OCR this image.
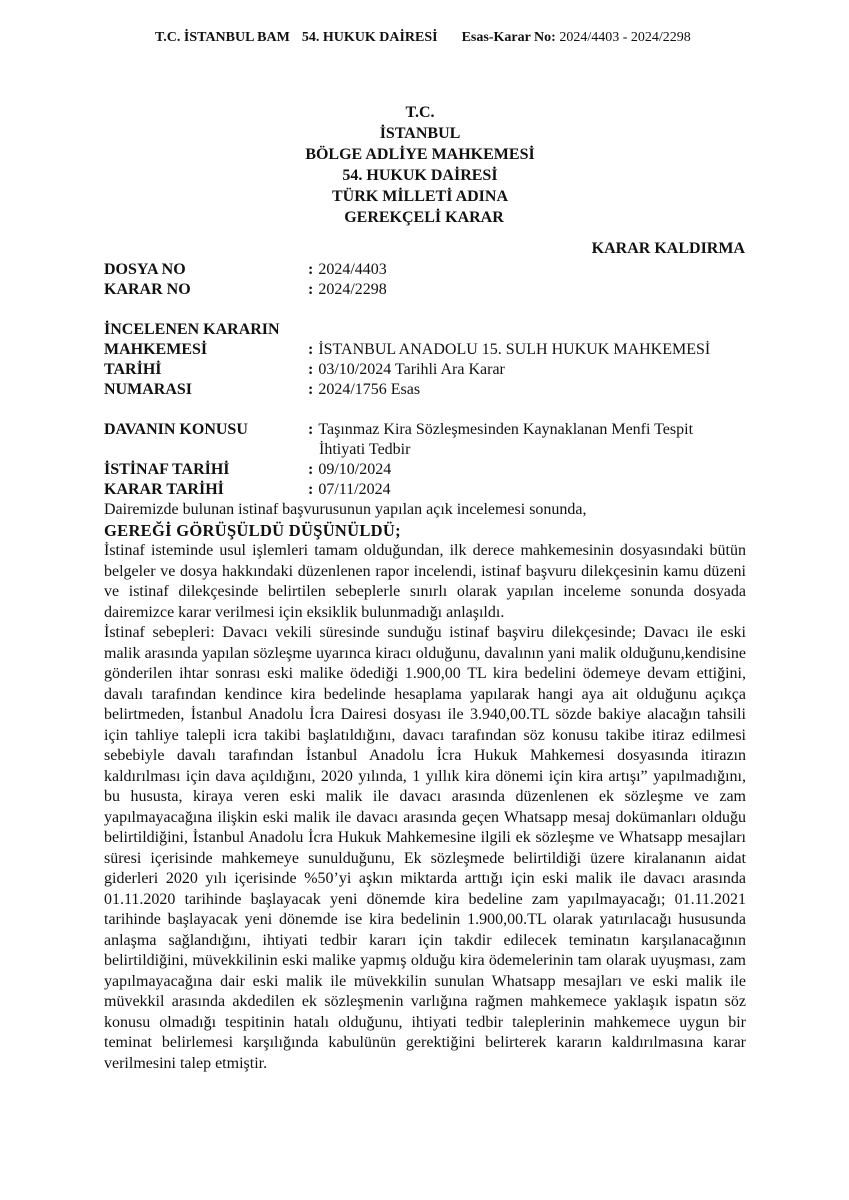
T.C. İSTANBUL BAM 54. HUKUK DAİRESİ Esas-Karar No: 2024/4403 - 2024/2298
T.C.
İSTANBUL
BÖLGE ADLİYE MAHKEMESİ
54. HUKUK DAİRESİ
TÜRK MİLLETİ ADINA
GEREKÇELİ KARAR
KARAR KALDIRMA
DOSYA NO	: 2024/4403
KARAR NO	: 2024/2298
İNCELENEN KARARIN
MAHKEMESİ	: İSTANBUL ANADOLU 15. SULH HUKUK MAHKEMESİ
TARİHİ	: 03/10/2024 Tarihli Ara Karar
NUMARASI	: 2024/1756 Esas
DAVANIN KONUSU	: Taşınmaz Kira Sözleşmesinden Kaynaklanan Menfi Tespit
İhtiyati Tedbir
İSTİNAF TARİHİ	: 09/10/2024
KARAR TARİHİ	: 07/11/2024

Dairemizde bulunan istinaf başvurusunun yapılan açık incelemesi sonunda,

GEREĞİ GÖRÜŞÜLDÜ DÜŞÜNÜLDÜ;

İstinaf isteminde usul işlemleri tamam olduğundan, ilk derece mahkemesinin dosyasındaki bütün belgeler ve dosya hakkındaki düzenlenen rapor incelendi, istinaf başvuru dilekçesinin kamu düzeni ve istinaf dilekçesinde belirtilen sebeplerle sınırlı olarak yapılan inceleme sonunda dosyada dairemizce karar verilmesi için eksiklik bulunmadığı anlaşıldı.

İstinaf sebepleri: Davacı vekili süresinde sunduğu istinaf başviru dilekçesinde; Davacı ile eski malik arasında yapılan sözleşme uyarınca kiracı olduğunu, davalının yani malik olduğunu,kendisine gönderilen ihtar sonrası eski malike ödediği 1.900,00 TL kira bedelini ödemeye devam ettiğini, davalı tarafından kendince kira bedelinde hesaplama yapılarak hangi aya ait olduğunu açıkça belirtmeden, İstanbul Anadolu İcra Dairesi dosyası ile 3.940,00.TL sözde bakiye alacağın tahsili için tahliye talepli icra takibi başlatıldığını, davacı tarafından söz konusu takibe itiraz edilmesi sebebiyle davalı tarafından İstanbul Anadolu İcra Hukuk Mahkemesi dosyasında itirazın kaldırılması için dava açıldığını, 2020 yılında, 1 yıllık kira dönemi için kira artışı” yapılmadığını, bu hususta, kiraya veren eski malik ile davacı arasında düzenlenen ek sözleşme ve zam yapılmayacağına ilişkin eski malik ile davacı arasında geçen Whatsapp mesaj dokümanları olduğu belirtildiğini, İstanbul Anadolu İcra Hukuk Mahkemesine ilgili ek sözleşme ve Whatsapp mesajları süresi içerisinde mahkemeye sunulduğunu, Ek sözleşmede belirtildiği üzere kiralananın aidat giderleri 2020 yılı içerisinde %50’yi aşkın miktarda arttığı için eski malik ile davacı arasında 01.11.2020 tarihinde başlayacak yeni dönemde kira bedeline zam yapılmayacağı; 01.11.2021 tarihinde başlayacak yeni dönemde ise kira bedelinin 1.900,00.TL olarak yatırılacağı hususunda anlaşma sağlandığını, ihtiyati tedbir kararı için takdir edilecek teminatın karşılanacağının belirtildiğini, müvekkilinin eski malike yapmış olduğu kira ödemelerinin tam olarak uyuşması, zam yapılmayacağına dair eski malik ile müvekkilin sunulan Whatsapp mesajları ve eski malik ile müvekkil arasında akdedilen ek sözleşmenin varlığına rağmen mahkemece yaklaşık ispatın söz konusu olmadığı tespitinin hatalı olduğunu, ihtiyati tedbir taleplerinin mahkemece uygun bir teminat belirlemesi karşılığında kabulünün gerektiğini belirterek kararın kaldırılmasına karar verilmesini talep etmiştir.
